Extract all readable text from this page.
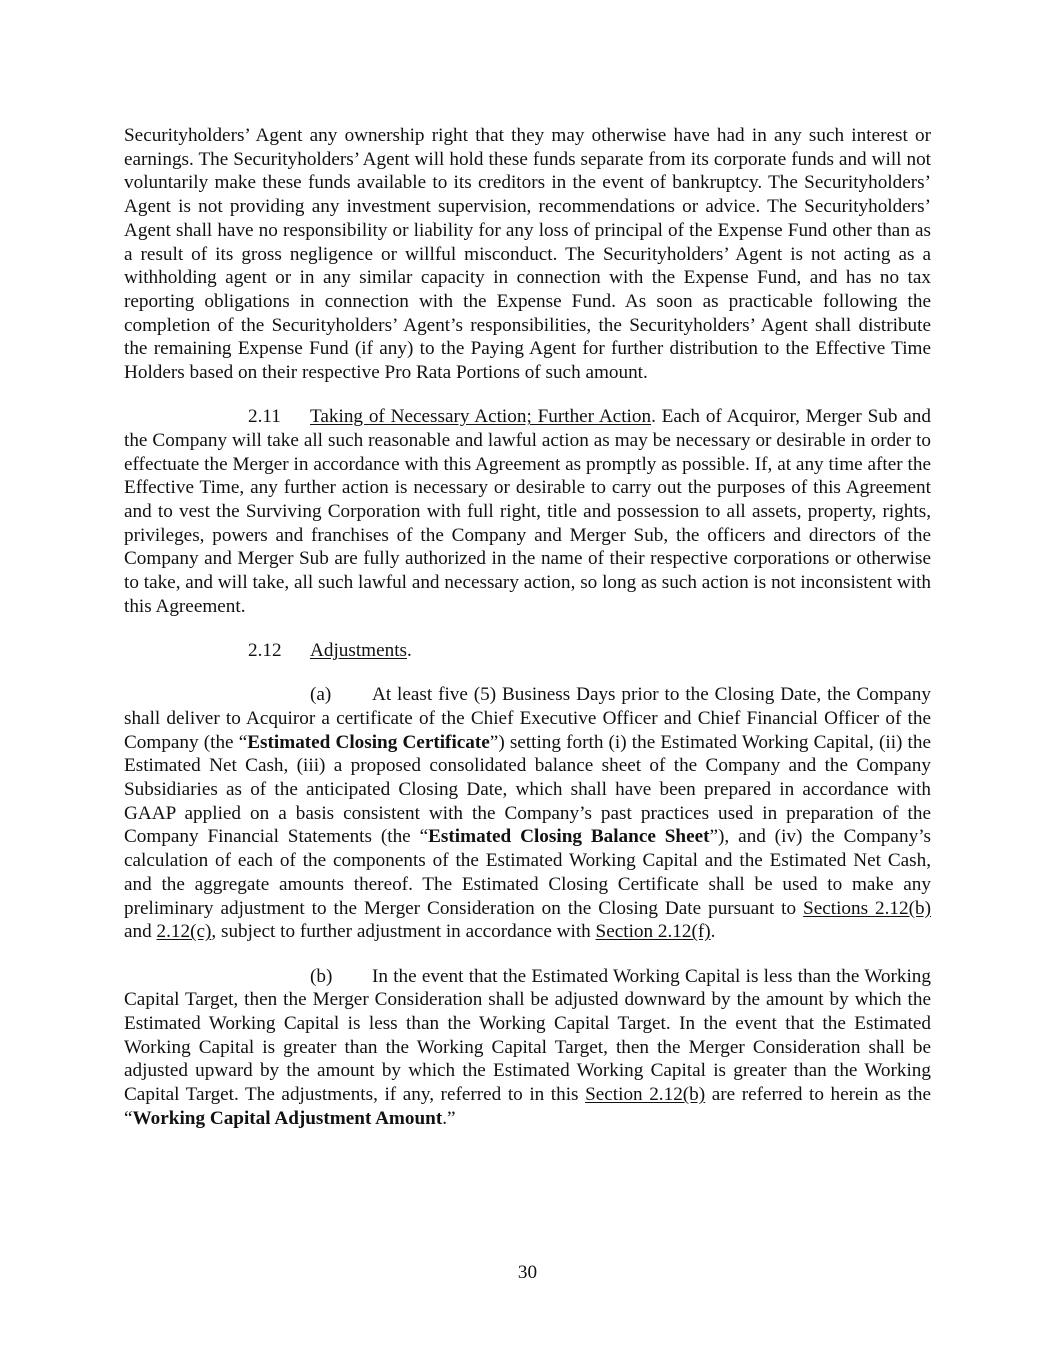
Securityholders’ Agent any ownership right that they may otherwise have had in any such interest or earnings. The Securityholders’ Agent will hold these funds separate from its corporate funds and will not voluntarily make these funds available to its creditors in the event of bankruptcy. The Securityholders’ Agent is not providing any investment supervision, recommendations or advice. The Securityholders’ Agent shall have no responsibility or liability for any loss of principal of the Expense Fund other than as a result of its gross negligence or willful misconduct. The Securityholders’ Agent is not acting as a withholding agent or in any similar capacity in connection with the Expense Fund, and has no tax reporting obligations in connection with the Expense Fund. As soon as practicable following the completion of the Securityholders’ Agent’s responsibilities, the Securityholders’ Agent shall distribute the remaining Expense Fund (if any) to the Paying Agent for further distribution to the Effective Time Holders based on their respective Pro Rata Portions of such amount.

2.11 Taking of Necessary Action; Further Action. Each of Acquiror, Merger Sub and the Company will take all such reasonable and lawful action as may be necessary or desirable in order to effectuate the Merger in accordance with this Agreement as promptly as possible. If, at any time after the Effective Time, any further action is necessary or desirable to carry out the purposes of this Agreement and to vest the Surviving Corporation with full right, title and possession to all assets, property, rights, privileges, powers and franchises of the Company and Merger Sub, the officers and directors of the Company and Merger Sub are fully authorized in the name of their respective corporations or otherwise to take, and will take, all such lawful and necessary action, so long as such action is not inconsistent with this Agreement.

2.12 Adjustments.

(a) At least five (5) Business Days prior to the Closing Date, the Company shall deliver to Acquiror a certificate of the Chief Executive Officer and Chief Financial Officer of the Company (the “Estimated Closing Certificate”) setting forth (i) the Estimated Working Capital, (ii) the Estimated Net Cash, (iii) a proposed consolidated balance sheet of the Company and the Company Subsidiaries as of the anticipated Closing Date, which shall have been prepared in accordance with GAAP applied on a basis consistent with the Company’s past practices used in preparation of the Company Financial Statements (the “Estimated Closing Balance Sheet”), and (iv) the Company’s calculation of each of the components of the Estimated Working Capital and the Estimated Net Cash, and the aggregate amounts thereof. The Estimated Closing Certificate shall be used to make any preliminary adjustment to the Merger Consideration on the Closing Date pursuant to Sections 2.12(b) and 2.12(c), subject to further adjustment in accordance with Section 2.12(f).

(b) In the event that the Estimated Working Capital is less than the Working Capital Target, then the Merger Consideration shall be adjusted downward by the amount by which the Estimated Working Capital is less than the Working Capital Target. In the event that the Estimated Working Capital is greater than the Working Capital Target, then the Merger Consideration shall be adjusted upward by the amount by which the Estimated Working Capital is greater than the Working Capital Target. The adjustments, if any, referred to in this Section 2.12(b) are referred to herein as the “Working Capital Adjustment Amount.”

30
